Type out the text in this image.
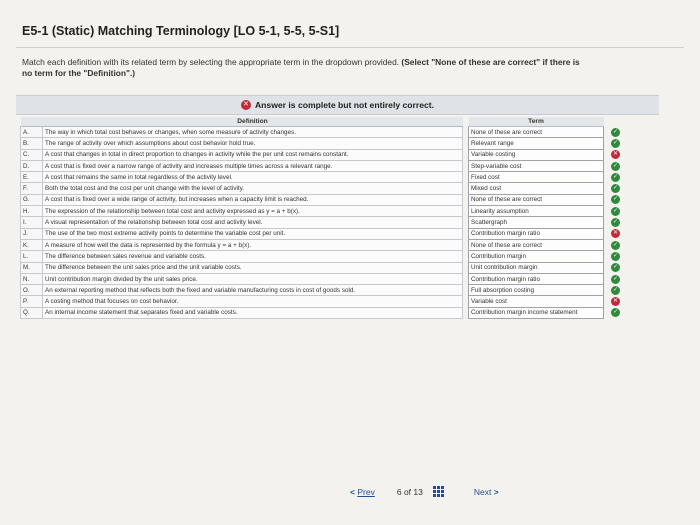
E5-1 (Static) Matching Terminology [LO 5-1, 5-5, 5-S1]
Match each definition with its related term by selecting the appropriate term in the dropdown provided. (Select "None of these are correct" if there is no term for the "Definition".)
✕ Answer is complete but not entirely correct.
	Definition		Term	
A.	The way in which total cost behaves or changes, when some measure of activity changes.		None of these are correct	✓
B.	The range of activity over which assumptions about cost behavior hold true.		Relevant range	✓
C.	A cost that changes in total in direct proportion to changes in activity while the per unit cost remains constant.		Variable costing	✕
D.	A cost that is fixed over a narrow range of activity and increases multiple times across a relevant range.		Step-variable cost	✓
E.	A cost that remains the same in total regardless of the activity level.		Fixed cost	✓
F.	Both the total cost and the cost per unit change with the level of activity.		Mixed cost	✓
G.	A cost that is fixed over a wide range of activity, but increases when a capacity limit is reached.		None of these are correct	✓
H.	The expression of the relationship between total cost and activity expressed as y = a + b(x).		Linearity assumption	✓
I.	A visual representation of the relationship between total cost and activity level.		Scattergraph	✓
J.	The use of the two most extreme activity points to determine the variable cost per unit.		Contribution margin ratio	✕
K.	A measure of how well the data is represented by the formula y = a + b(x).		None of these are correct	✓
L.	The difference between sales revenue and variable costs.		Contribution margin	✓
M.	The difference between the unit sales price and the unit variable costs.		Unit contribution margin	✓
N.	Unit contribution margin divided by the unit sales price.		Contribution margin ratio	✓
O.	An external reporting method that reflects both the fixed and variable manufacturing costs in cost of goods sold.		Full absorption costing	✓
P.	A costing method that focuses on cost behavior.		Variable cost	✕
Q.	An internal income statement that separates fixed and variable costs.		Contribution margin income statement	✓
<
Prev	6 of 13	Next
>
